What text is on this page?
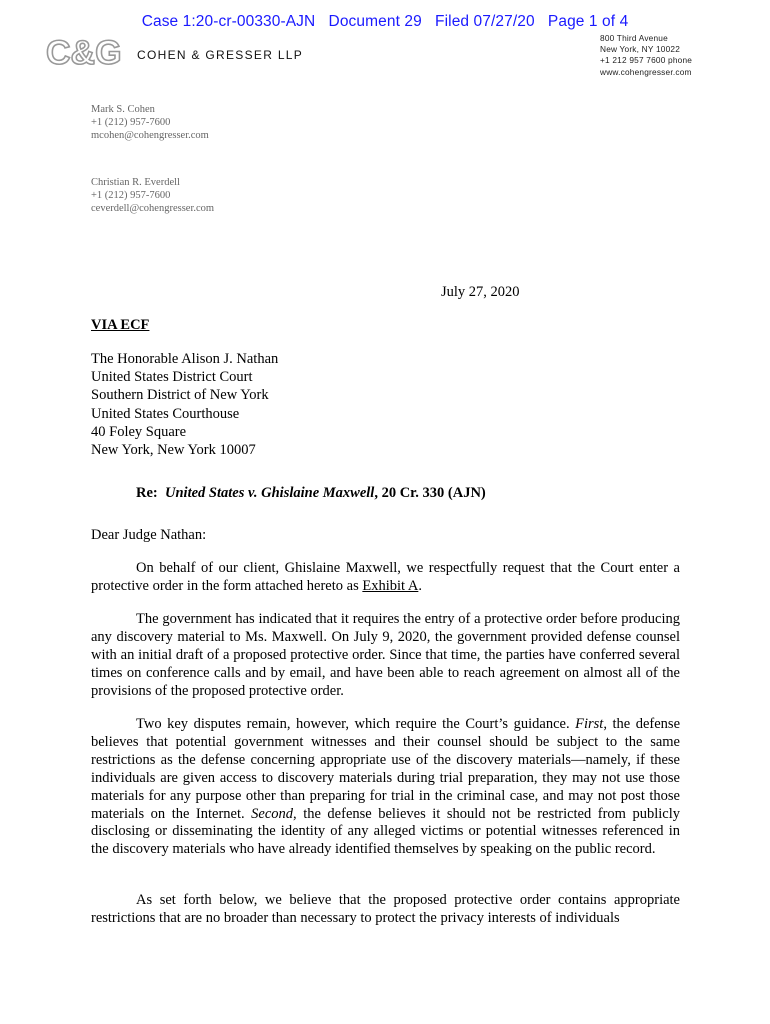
Case 1:20-cr-00330-AJN   Document 29   Filed 07/27/20   Page 1 of 4
C&G COHEN & GRESSER LLP
800 Third Avenue
New York, NY 10022
+1 212 957 7600 phone
www.cohengresser.com
Mark S. Cohen
+1 (212) 957-7600
mcohen@cohengresser.com
Christian R. Everdell
+1 (212) 957-7600
ceverdell@cohengresser.com
July 27, 2020
VIA ECF
The Honorable Alison J. Nathan
United States District Court
Southern District of New York
United States Courthouse
40 Foley Square
New York, New York 10007
Re: United States v. Ghislaine Maxwell, 20 Cr. 330 (AJN)
Dear Judge Nathan:

On behalf of our client, Ghislaine Maxwell, we respectfully request that the Court enter a protective order in the form attached hereto as Exhibit A.

The government has indicated that it requires the entry of a protective order before producing any discovery material to Ms. Maxwell. On July 9, 2020, the government provided defense counsel with an initial draft of a proposed protective order. Since that time, the parties have conferred several times on conference calls and by email, and have been able to reach agreement on almost all of the provisions of the proposed protective order.

Two key disputes remain, however, which require the Court’s guidance. First, the defense believes that potential government witnesses and their counsel should be subject to the same restrictions as the defense concerning appropriate use of the discovery materials—namely, if these individuals are given access to discovery materials during trial preparation, they may not use those materials for any purpose other than preparing for trial in the criminal case, and may not post those materials on the Internet. Second, the defense believes it should not be restricted from publicly disclosing or disseminating the identity of any alleged victims or potential witnesses referenced in the discovery materials who have already identified themselves by speaking on the public record.

As set forth below, we believe that the proposed protective order contains appropriate restrictions that are no broader than necessary to protect the privacy interests of individuals
